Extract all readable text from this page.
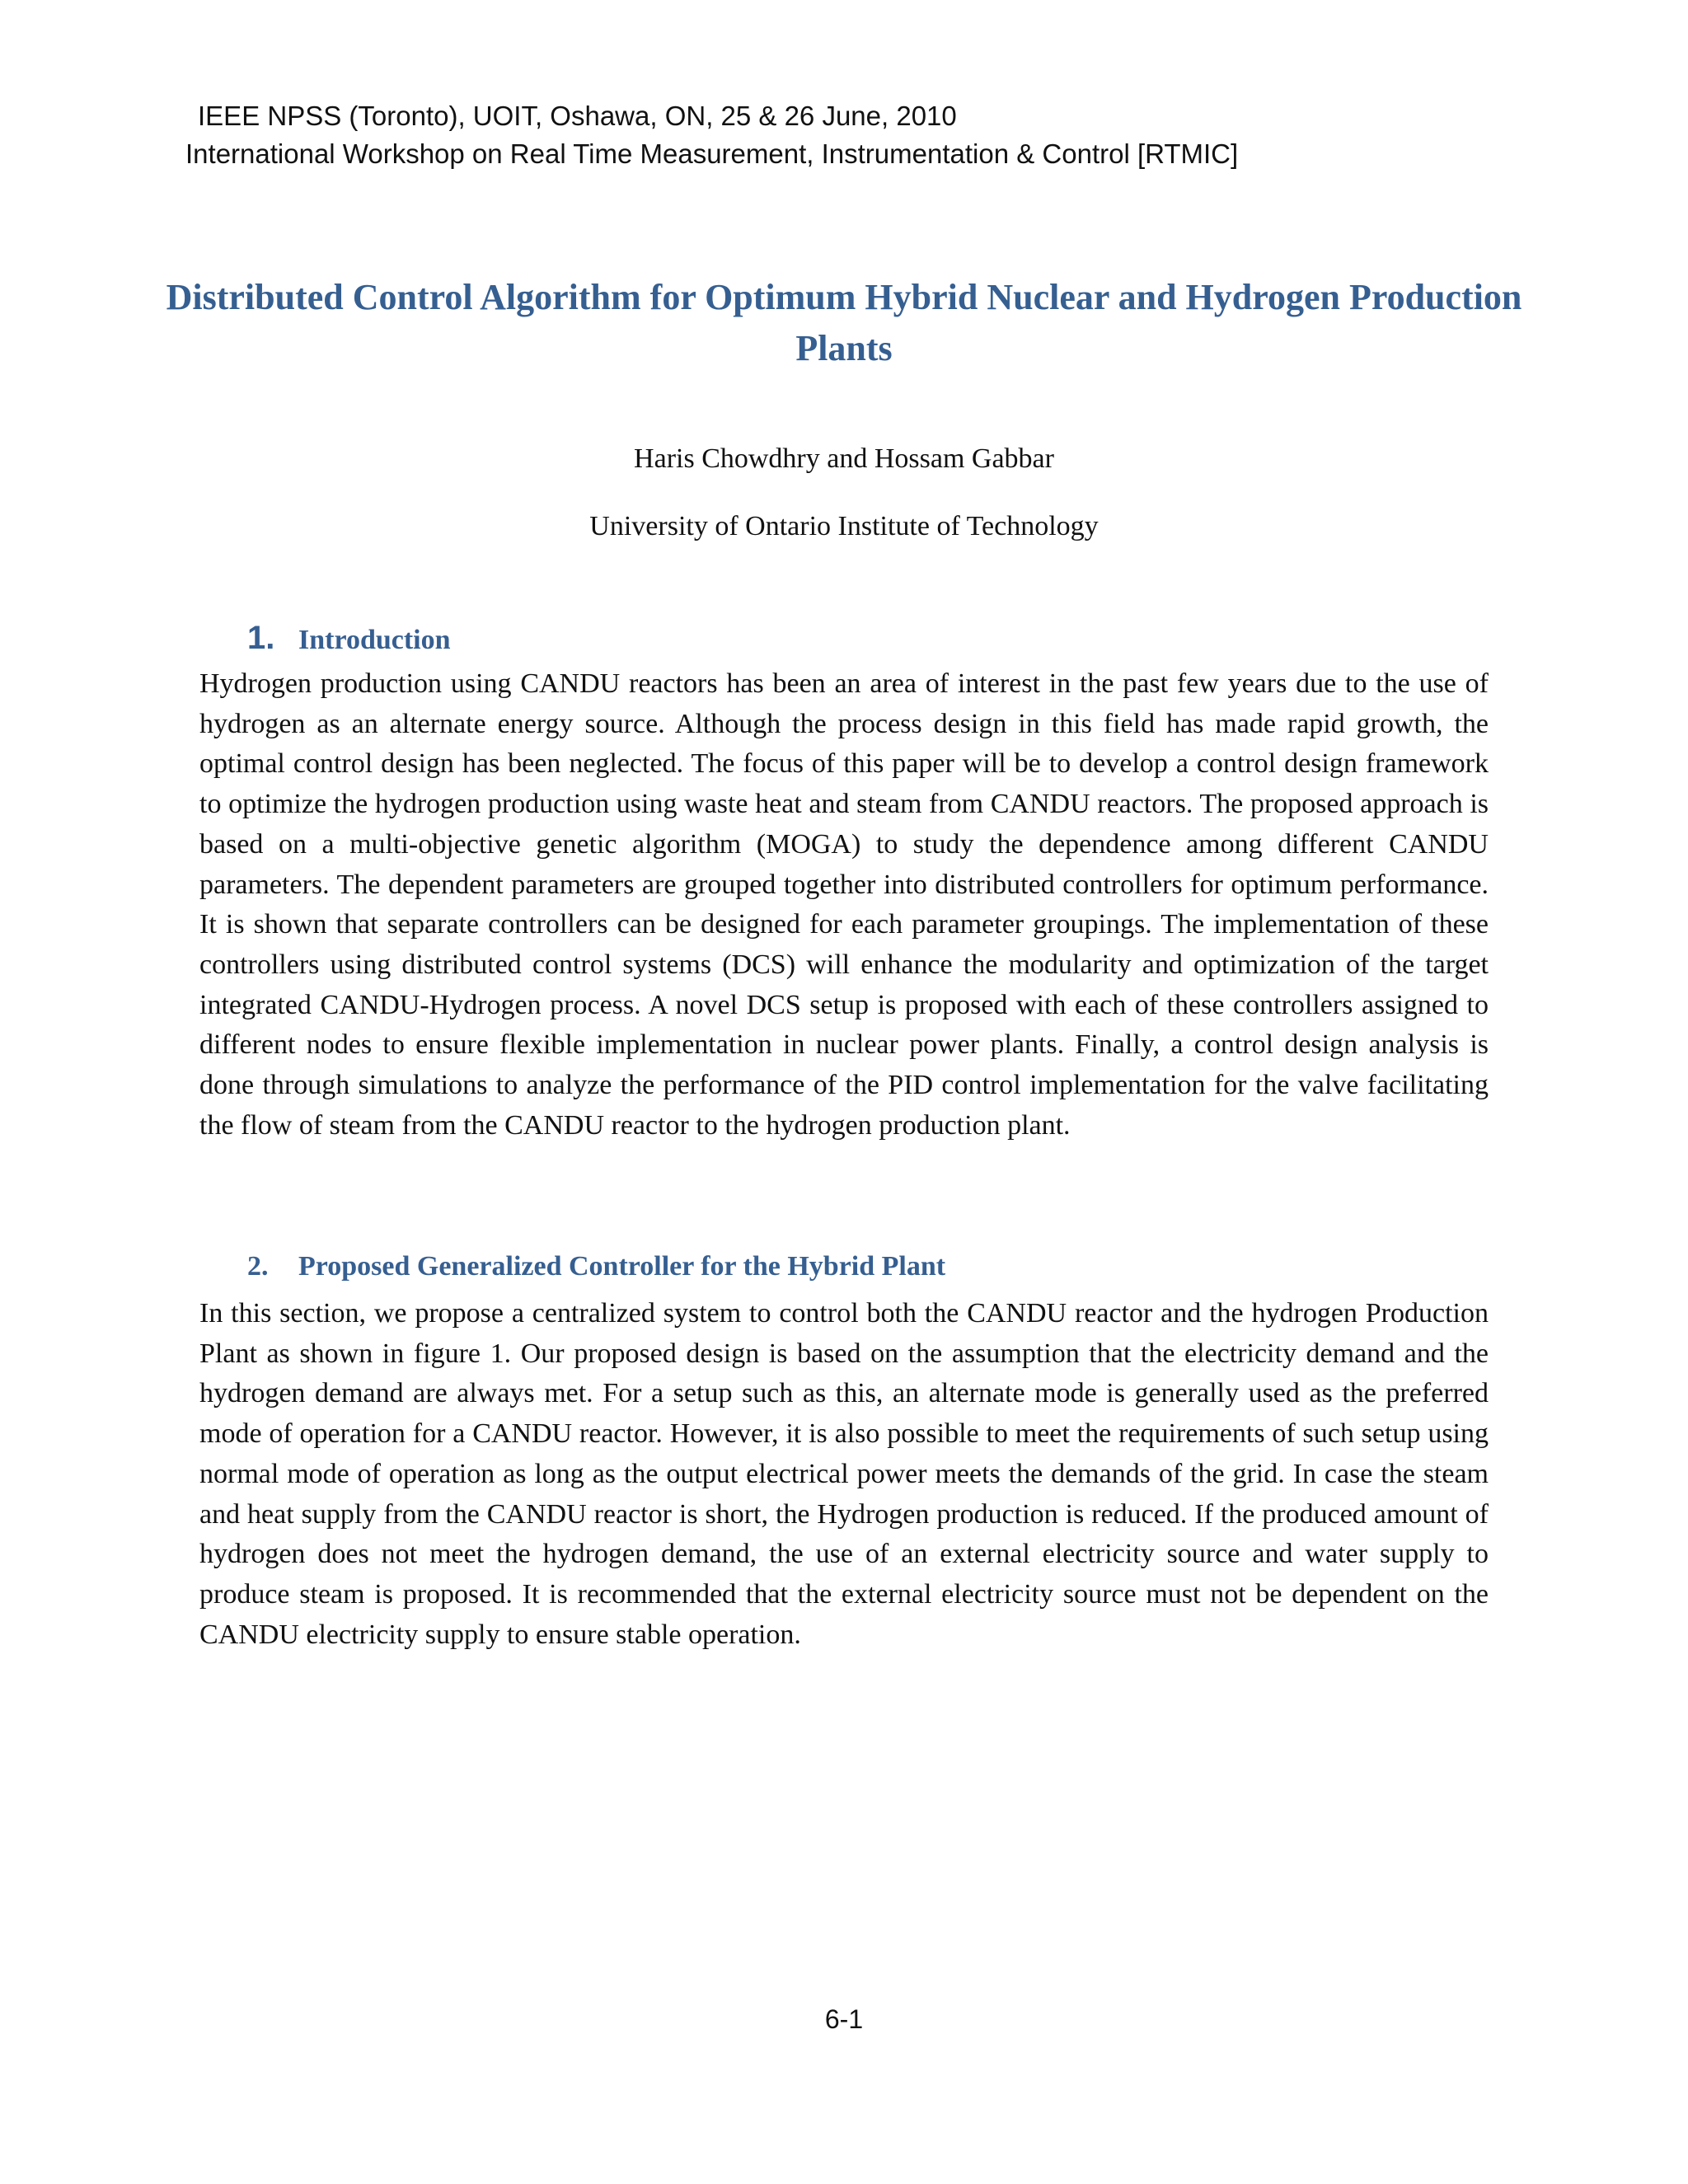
IEEE NPSS (Toronto), UOIT, Oshawa, ON, 25 & 26 June, 2010
International Workshop on Real Time Measurement, Instrumentation & Control [RTMIC]
Distributed Control Algorithm for Optimum Hybrid Nuclear and Hydrogen Production Plants
Haris Chowdhry and Hossam Gabbar
University of Ontario Institute of Technology
1. Introduction

Hydrogen production using CANDU reactors has been an area of interest in the past few years due to the use of hydrogen as an alternate energy source. Although the process design in this field has made rapid growth, the optimal control design has been neglected. The focus of this paper will be to develop a control design framework to optimize the hydrogen production using waste heat and steam from CANDU reactors. The proposed approach is based on a multi-objective genetic algorithm (MOGA) to study the dependence among different CANDU parameters. The dependent parameters are grouped together into distributed controllers for optimum performance. It is shown that separate controllers can be designed for each parameter groupings. The implementation of these controllers using distributed control systems (DCS) will enhance the modularity and optimization of the target integrated CANDU-Hydrogen process. A novel DCS setup is proposed with each of these controllers assigned to different nodes to ensure flexible implementation in nuclear power plants. Finally, a control design analysis is done through simulations to analyze the performance of the PID control implementation for the valve facilitating the flow of steam from the CANDU reactor to the hydrogen production plant.

2. Proposed Generalized Controller for the Hybrid Plant

In this section, we propose a centralized system to control both the CANDU reactor and the hydrogen Production Plant as shown in figure 1. Our proposed design is based on the assumption that the electricity demand and the hydrogen demand are always met. For a setup such as this, an alternate mode is generally used as the preferred mode of operation for a CANDU reactor. However, it is also possible to meet the requirements of such setup using normal mode of operation as long as the output electrical power meets the demands of the grid. In case the steam and heat supply from the CANDU reactor is short, the Hydrogen production is reduced. If the produced amount of hydrogen does not meet the hydrogen demand, the use of an external electricity source and water supply to produce steam is proposed. It is recommended that the external electricity source must not be dependent on the CANDU electricity supply to ensure stable operation.

6-1
